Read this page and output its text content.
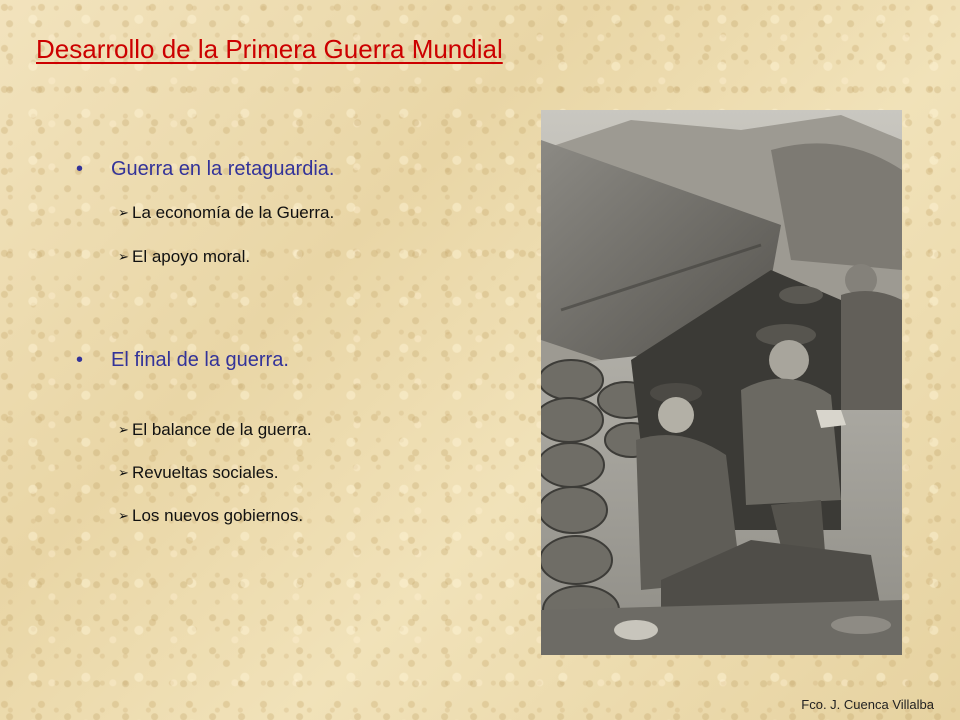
Desarrollo de la Primera Guerra Mundial
• Guerra en la retaguardia.
➢ La economía de la Guerra.
➢ El apoyo moral.
• El final de la guerra.
➢ El balance de la guerra.
➢ Revueltas sociales.
➢ Los nuevos gobiernos.
Fco. J. Cuenca Villalba
